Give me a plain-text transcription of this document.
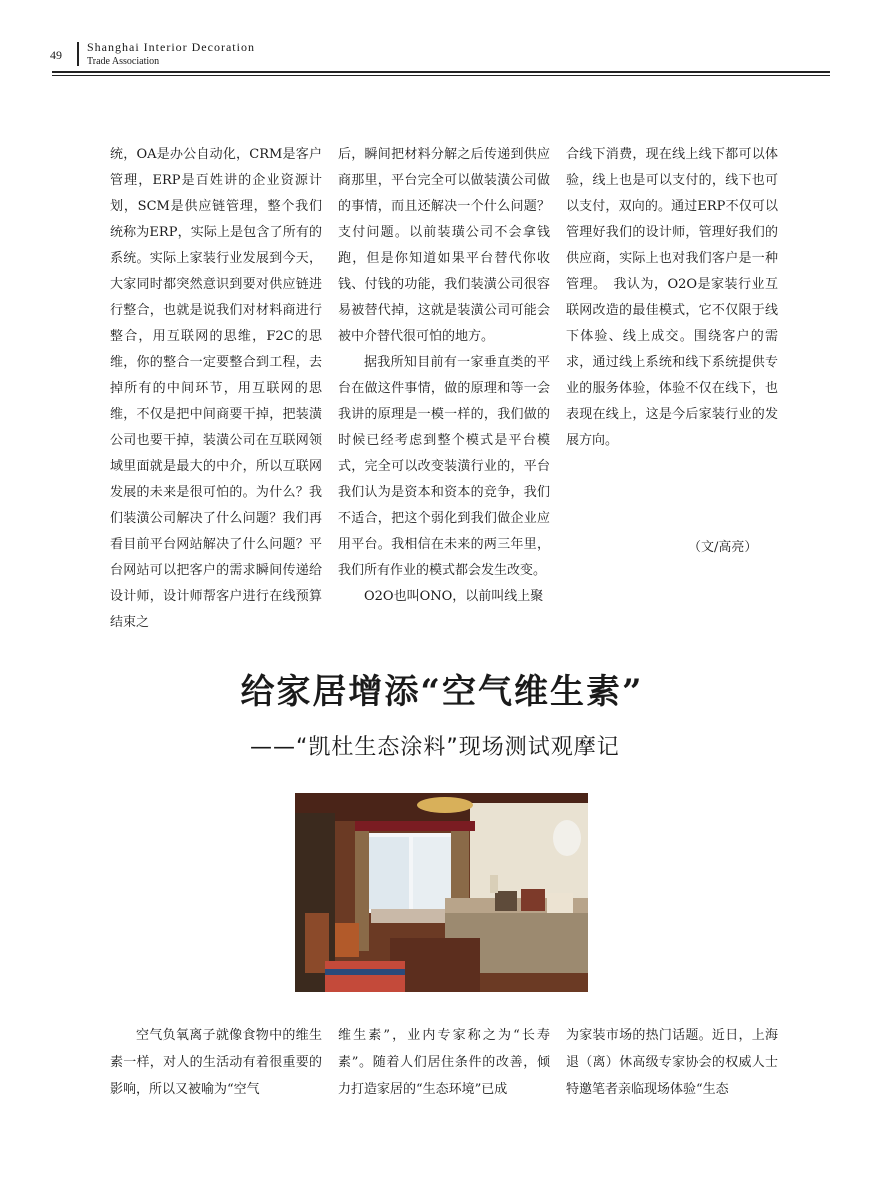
49
Shanghai Interior Decoration
Trade Association

统，OA是办公自动化，CRM是客户管理，ERP是百姓讲的企业资源计划，SCM是供应链管理，整个我们统称为ERP，实际上是包含了所有的系统。实际上家装行业发展到今天，大家同时都突然意识到要对供应链进行整合，也就是说我们对材料商进行整合，用互联网的思维，F2C的思维，你的整合一定要整合到工程，去掉所有的中间环节，用互联网的思维，不仅是把中间商要干掉，把装潢公司也要干掉，装潢公司在互联网领域里面就是最大的中介，所以互联网发展的未来是很可怕的。为什么？我们装潢公司解决了什么问题？我们再看目前平台网站解决了什么问题？平台网站可以把客户的需求瞬间传递给设计师，设计师帮客户进行在线预算结束之

后，瞬间把材料分解之后传递到供应商那里，平台完全可以做装潢公司做的事情，而且还解决一个什么问题？支付问题。以前装璜公司不会拿钱跑，但是你知道如果平台替代你收钱、付钱的功能，我们装潢公司很容易被替代掉，这就是装潢公司可能会被中介替代很可怕的地方。

据我所知目前有一家垂直类的平台在做这件事情，做的原理和等一会我讲的原理是一模一样的，我们做的时候已经考虑到整个模式是平台模式，完全可以改变装潢行业的，平台我们认为是资本和资本的竞争，我们不适合，把这个弱化到我们做企业应用平台。我相信在未来的两三年里，我们所有作业的模式都会发生改变。

O2O也叫ONO，以前叫线上聚

合线下消费，现在线上线下都可以体验，线上也是可以支付的，线下也可以支付，双向的。通过ERP不仅可以管理好我们的设计师，管理好我们的供应商，实际上也对我们客户是一种管理。　我认为，O2O是家装行业互联网改造的最佳模式，它不仅限于线下体验、线上成交。围绕客户的需求，通过线上系统和线下系统提供专业的服务体验，体验不仅在线下，也表现在线上，这是今后家装行业的发展方向。

（文/高亮）
给家居增添“空气维生素”
——“凯杜生态涂料”现场测试观摩记

空气负氧离子就像食物中的维生素一样，对人的生活动有着很重要的影响，所以又被喻为“空气

维生素”，业内专家称之为“长寿素”。随着人们居住条件的改善，倾力打造家居的“生态环境”已成

为家装市场的热门话题。近日，上海退（离）休高级专家协会的权威人士特邀笔者亲临现场体验“生态
